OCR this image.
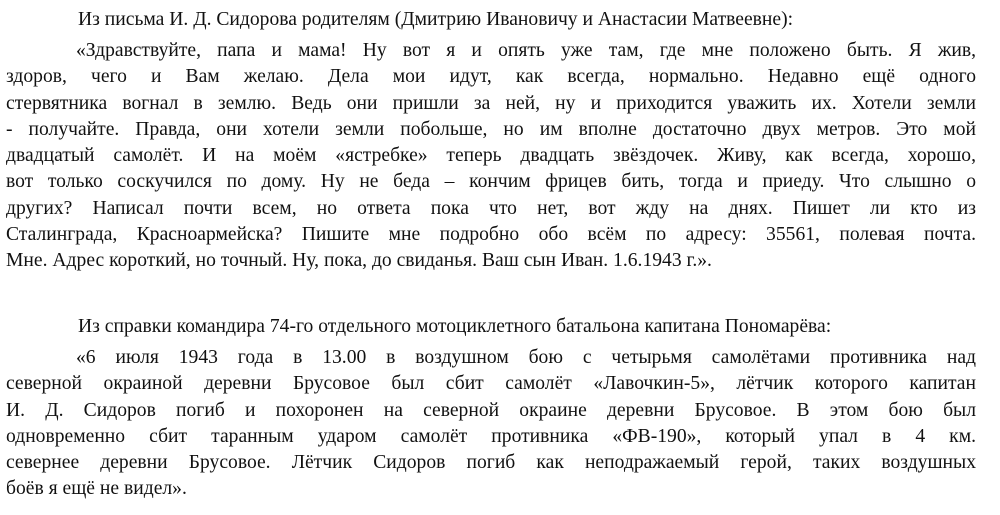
Из письма И. Д. Сидорова родителям (Дмитрию Ивановичу и Анастасии Матвеевне):

«Здравствуйте, папа и мама! Ну вот я и опять уже там, где мне положено быть. Я жив,
здоров, чего и Вам желаю. Дела мои идут, как всегда, нормально. Недавно ещё одного
стервятника вогнал в землю. Ведь они пришли за ней, ну и приходится уважить их. Хотели земли
- получайте. Правда, они хотели земли побольше, но им вполне достаточно двух метров. Это мой
двадцатый самолёт. И на моём «ястребке» теперь двадцать звёздочек. Живу, как всегда, хорошо,
вот только соскучился по дому. Ну не беда – кончим фрицев бить, тогда и приеду. Что слышно о
других? Написал почти всем, но ответа пока что нет, вот жду на днях. Пишет ли кто из
Сталинграда, Красноармейска? Пишите мне подробно обо всём по адресу: 35561, полевая почта.
Мне. Адрес короткий, но точный. Ну, пока, до свиданья. Ваш сын Иван. 1.6.1943 г.».

Из справки командира 74-го отдельного мотоциклетного батальона капитана Пономарёва:

«6 июля 1943 года в 13.00 в воздушном бою с четырьмя самолётами противника над
северной окраиной деревни Брусовое был сбит самолёт «Лавочкин-5», лётчик которого капитан
И. Д. Сидоров погиб и похоронен на северной окраине деревни Брусовое. В этом бою был
одновременно сбит таранным ударом самолёт противника «ФВ-190», который упал в 4 км.
севернее деревни Брусовое. Лётчик Сидоров погиб как неподражаемый герой, таких воздушных
боёв я ещё не видел».
